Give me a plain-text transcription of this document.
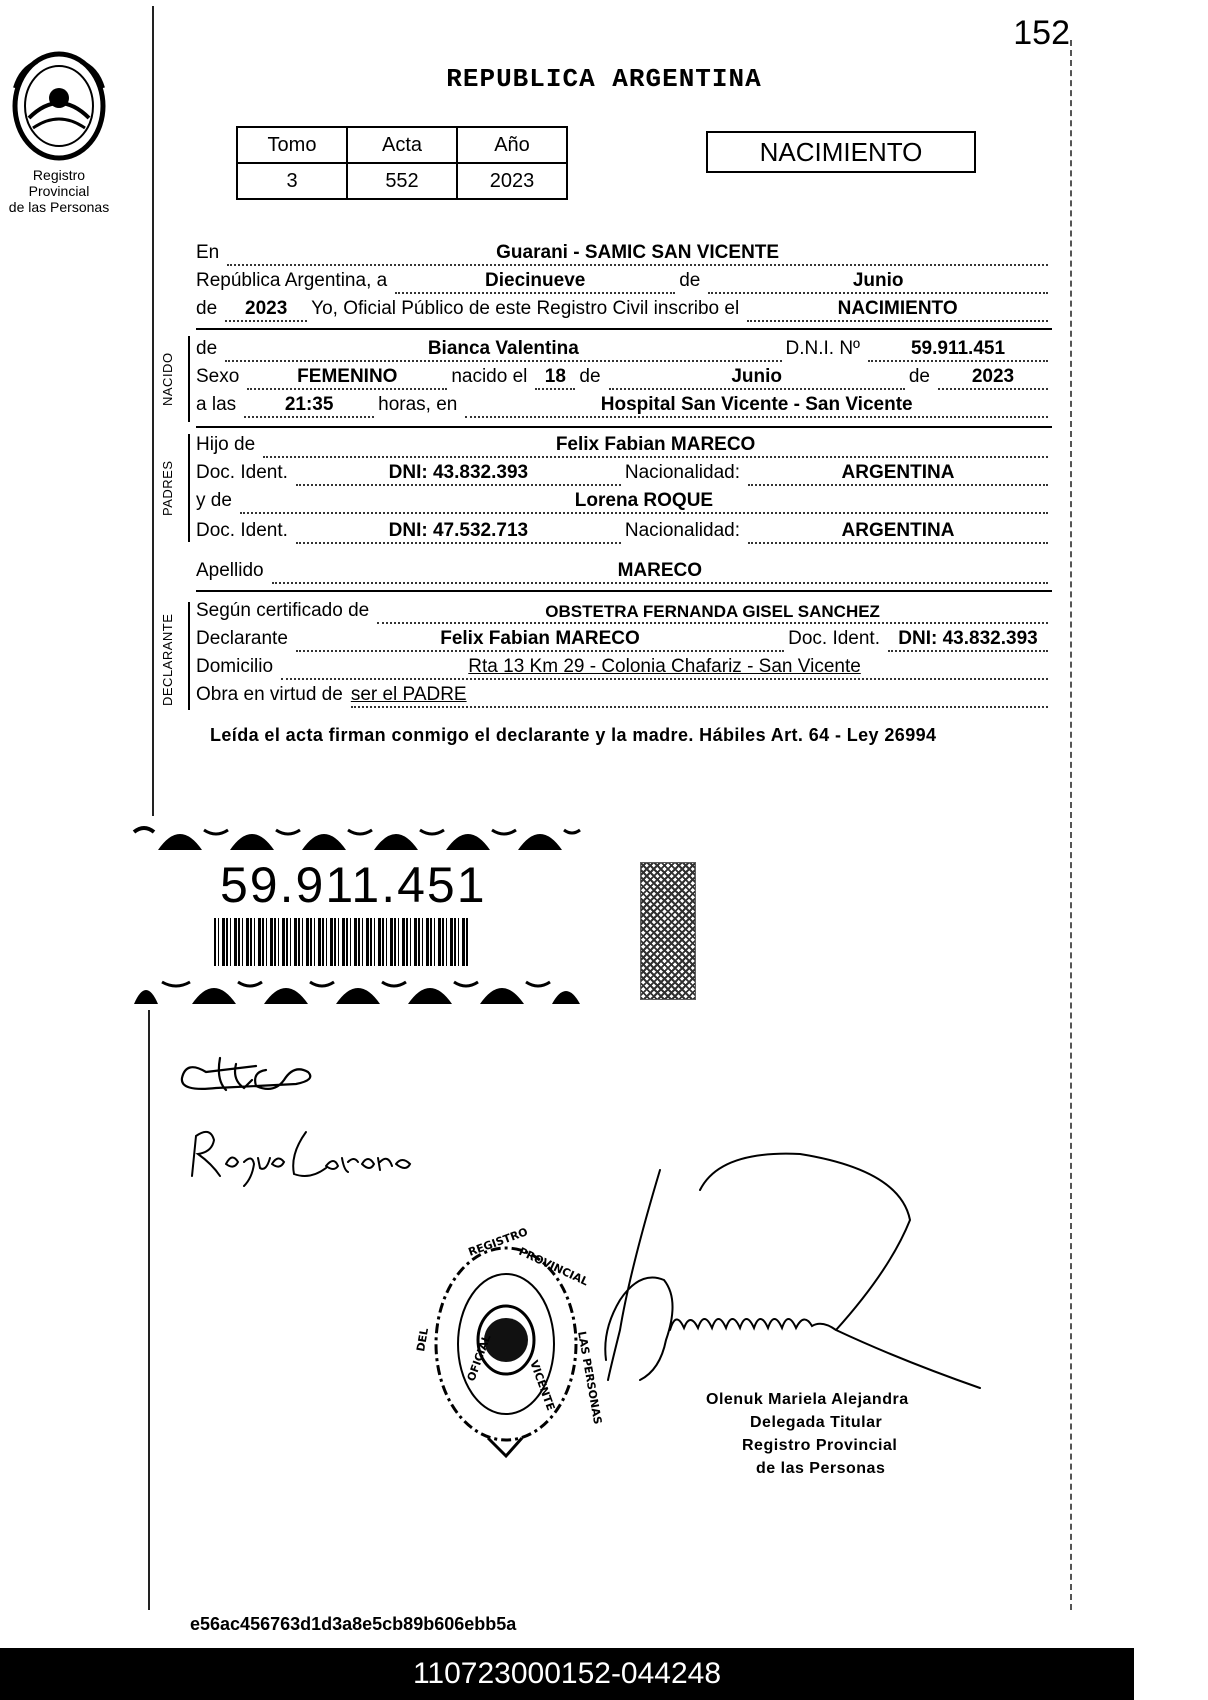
152
Registro Provincial
de las Personas
REPUBLICA ARGENTINA
Tomo	Acta	Año
3	552	2023
NACIMIENTO
En	Guarani - SAMIC SAN VICENTE
República Argentina, a	Diecinueve	de	Junio
de	2023	Yo, Oficial Público de este Registro Civil inscribo el	NACIMIENTO
NACIDO
de	Bianca Valentina	D.N.I. Nº	59.911.451
Sexo	FEMENINO	nacido el 18 de	Junio	de	2023
a las	21:35	horas, en	Hospital San Vicente - San Vicente
PADRES
Hijo de	Felix Fabian MARECO
Doc. Ident.	DNI: 43.832.393	Nacionalidad:	ARGENTINA
y de	Lorena ROQUE
Doc. Ident.	DNI: 47.532.713	Nacionalidad:	ARGENTINA
Apellido	MARECO
DECLARANTE
Según certificado de	OBSTETRA FERNANDA GISEL SANCHEZ
Declarante	Felix Fabian MARECO	Doc. Ident. DNI: 43.832.393
Domicilio	Rta 13 Km 29 - Colonia Chafariz - San Vicente
Obra en virtud de ser el PADRE
Leída el acta firman conmigo el declarante y la madre. Hábiles Art. 64 - Ley 26994
59.911.451
REGISTRO
PROVINCIAL
DEL	LAS PERSONAS
OFICIAL
VICENTE	Olenuk Mariela Alejandra
Delegada Titular
Registro Provincial
de las Personas
e56ac456763d1d3a8e5cb89b606ebb5a
110723000152-044248
